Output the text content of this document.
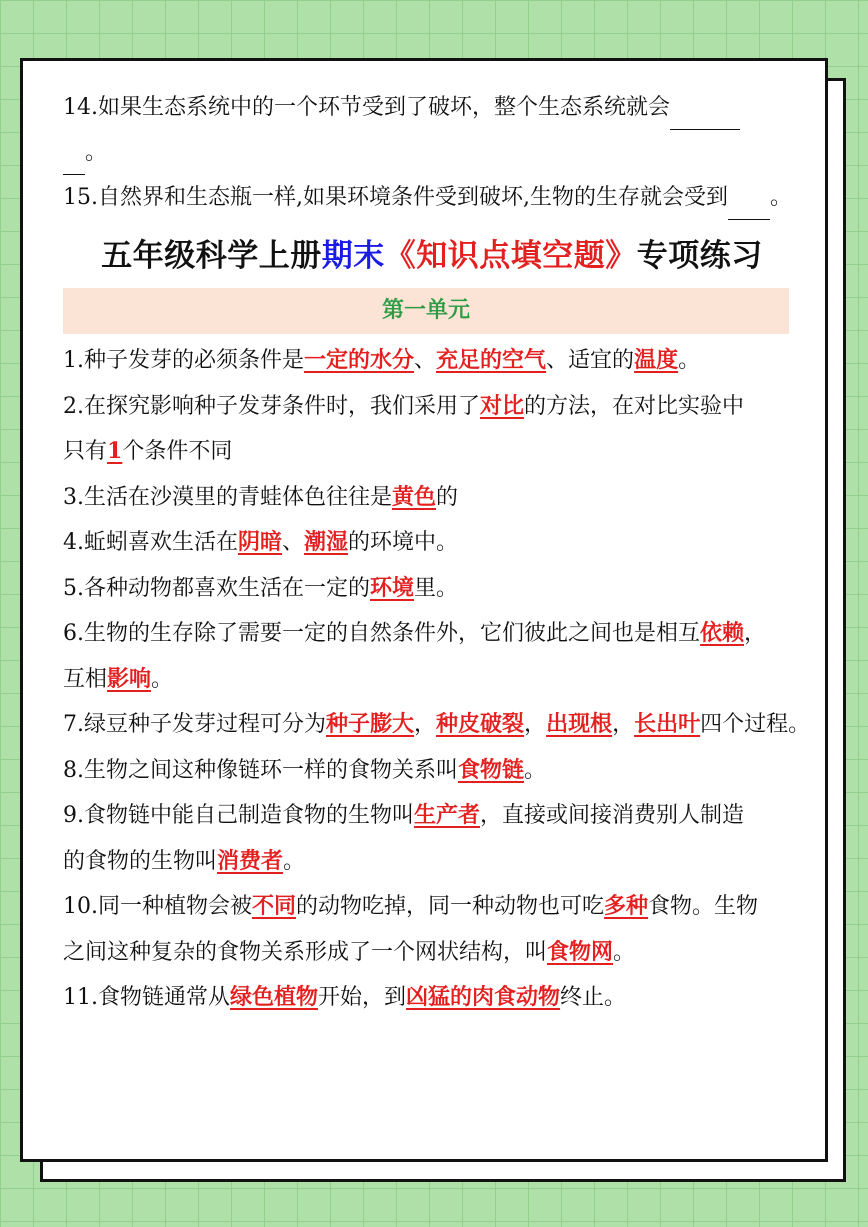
14.如果生态系统中的一个环节受到了破坏，整个生态系统就会
。
15.自然界和生态瓶一样,如果环境条件受到破坏,生物的生存就会受到 。
五年级科学上册期末《知识点填空题》专项练习
第一单元
1.种子发芽的必须条件是一定的水分、充足的空气、适宜的温度。
2.在探究影响种子发芽条件时，我们采用了对比的方法，在对比实验中
只有1个条件不同
3.生活在沙漠里的青蛙体色往往是黄色的
4.蚯蚓喜欢生活在阴暗、潮湿的环境中。
5.各种动物都喜欢生活在一定的环境里。
6.生物的生存除了需要一定的自然条件外，它们彼此之间也是相互依赖，
互相影响。
7.绿豆种子发芽过程可分为种子膨大，种皮破裂，出现根，长出叶四个过程。
8.生物之间这种像链环一样的食物关系叫食物链。
9.食物链中能自己制造食物的生物叫生产者，直接或间接消费别人制造
的食物的生物叫消费者。
10.同一种植物会被不同的动物吃掉，同一种动物也可吃多种食物。生物
之间这种复杂的食物关系形成了一个网状结构，叫食物网。
11.食物链通常从绿色植物开始，到凶猛的肉食动物终止。
